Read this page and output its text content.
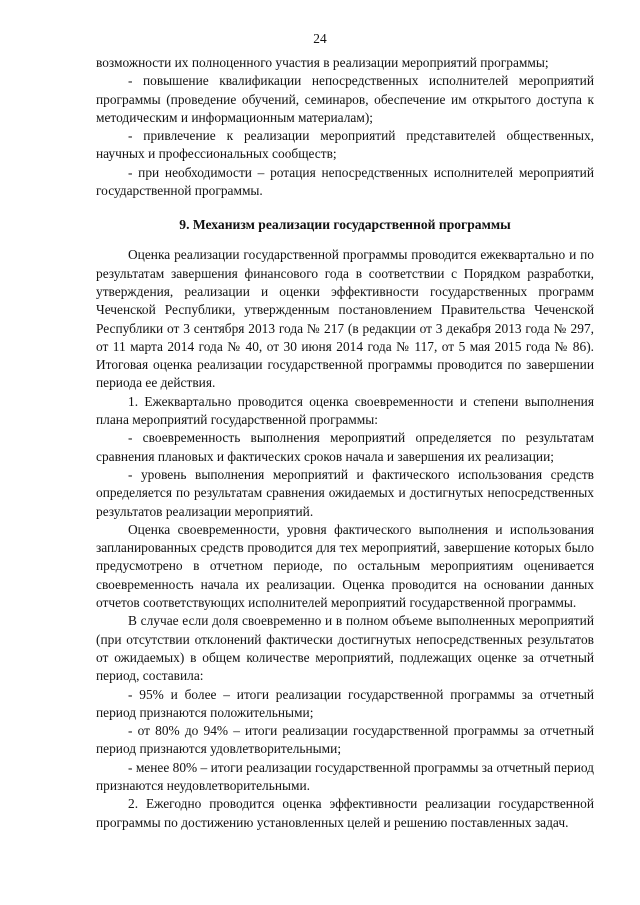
24

возможности их полноценного участия в реализации мероприятий программы;

- повышение квалификации непосредственных исполнителей мероприятий программы (проведение обучений, семинаров, обеспечение им открытого доступа к методическим и информационным материалам);

- привлечение к реализации мероприятий представителей общественных, научных и профессиональных сообществ;

- при необходимости – ротация непосредственных исполнителей мероприятий государственной программы.

9. Механизм реализации государственной программы

Оценка реализации государственной программы проводится ежеквартально и по результатам завершения финансового года в соответствии с Порядком разработки, утверждения, реализации и оценки эффективности государственных программ Чеченской Республики, утвержденным постановлением Правительства Чеченской Республики от 3 сентября 2013 года № 217 (в редакции от 3 декабря 2013 года № 297, от 11 марта 2014 года № 40, от 30 июня 2014 года № 117, от 5 мая 2015 года № 86). Итоговая оценка реализации государственной программы проводится по завершении периода ее действия.

1. Ежеквартально проводится оценка своевременности и степени выполнения плана мероприятий государственной программы:

- своевременность выполнения мероприятий определяется по результатам сравнения плановых и фактических сроков начала и завершения их реализации;

- уровень выполнения мероприятий и фактического использования средств определяется по результатам сравнения ожидаемых и достигнутых непосредственных результатов реализации мероприятий.

Оценка своевременности, уровня фактического выполнения и использования запланированных средств проводится для тех мероприятий, завершение которых было предусмотрено в отчетном периоде, по остальным мероприятиям оценивается своевременность начала их реализации. Оценка проводится на основании данных отчетов соответствующих исполнителей мероприятий государственной программы.

В случае если доля своевременно и в полном объеме выполненных мероприятий (при отсутствии отклонений фактически достигнутых непосредственных результатов от ожидаемых) в общем количестве мероприятий, подлежащих оценке за отчетный период, составила:

- 95% и более – итоги реализации государственной программы за отчетный период признаются положительными;

- от 80% до 94% – итоги реализации государственной программы за отчетный период признаются удовлетворительными;

- менее 80% – итоги реализации государственной программы за отчетный период признаются неудовлетворительными.

2. Ежегодно проводится оценка эффективности реализации государственной программы по достижению установленных целей и решению поставленных задач.
